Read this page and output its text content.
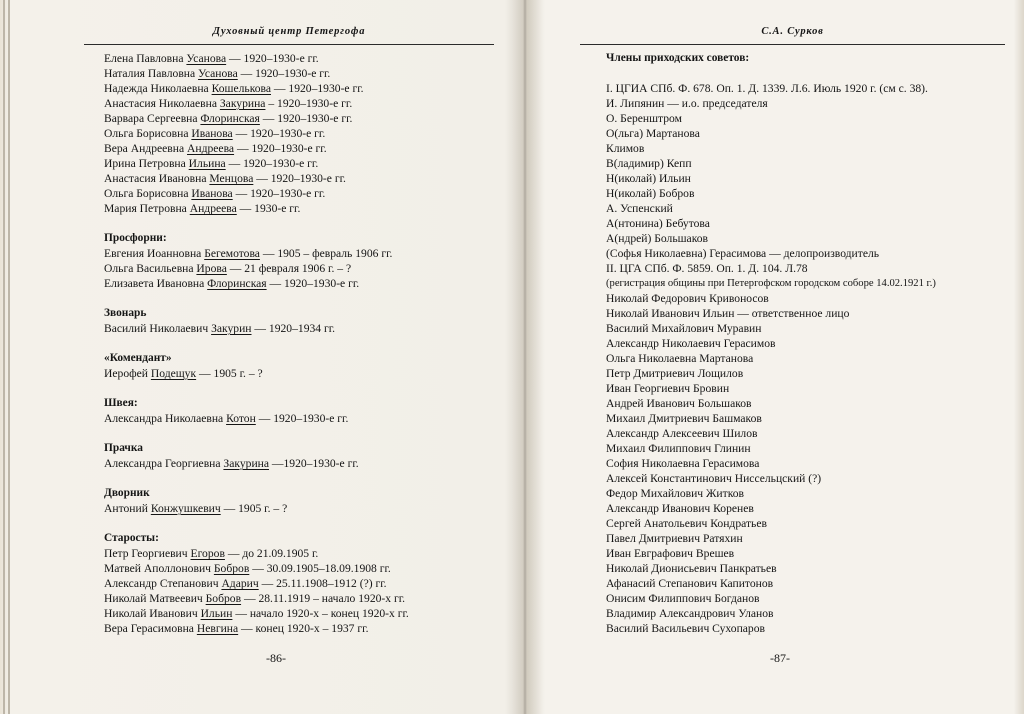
Духовный центр Петергофа
Елена Павловна Усанова — 1920–1930-е гг.
Наталия Павловна Усанова — 1920–1930-е гг.
Надежда Николаевна Кошелькова — 1920–1930-е гг.
Анастасия Николаевна Закурина – 1920–1930-е гг.
Варвара Сергеевна Флоринская — 1920–1930-е гг.
Ольга Борисовна Иванова — 1920–1930-е гг.
Вера Андреевна Андреева — 1920–1930-е гг.
Ирина Петровна Ильина — 1920–1930-е гг.
Анастасия Ивановна Менцова — 1920–1930-е гг.
Ольга Борисовна Иванова — 1920–1930-е гг.
Мария Петровна Андреева — 1930-е гг.
Просфорни:
Евгения Иоанновна Бегемотова — 1905 – февраль 1906 гг.
Ольга Васильевна Ирова — 21 февраля 1906 г. – ?
Елизавета Ивановна Флоринская — 1920–1930-е гг.
Звонарь
Василий Николаевич Закурин — 1920–1934 гг.
«Комендант»
Иерофей Подещук — 1905 г. – ?
Швея:
Александра Николаевна Котон — 1920–1930-е гг.
Прачка
Александра Георгиевна Закурина —1920–1930-е гг.
Дворник
Антоний Конжушкевич — 1905 г. – ?
Старосты:
Петр Георгиевич Егоров — до 21.09.1905 г.
Матвей Аполлонович Бобров — 30.09.1905–18.09.1908 гг.
Александр Степанович Адарич — 25.11.1908–1912 (?) гг.
Николай Матвеевич Бобров — 28.11.1919 – начало 1920-х гг.
Николай Иванович Ильин — начало 1920-х – конец 1920-х гг.
Вера Герасимовна Невгина — конец 1920-х – 1937 гг.
-86-
С.А. Сурков
Члены приходских советов:
I. ЦГИА СПб. Ф. 678. Оп. 1. Д. 1339. Л.6. Июль 1920 г. (см с. 38).
И. Липянин — и.о. председателя
О. Беренштром
О(льга) Мартанова
Климов
В(ладимир) Кепп
Н(иколай) Ильин
Н(иколай) Бобров
А. Успенский
А(нтонина) Бебутова
А(ндрей) Большаков
(Софья Николаевна) Герасимова — делопроизводитель
II. ЦГА СПб. Ф. 5859. Оп. 1. Д. 104. Л.78
(регистрация общины при Петергофском городском соборе 14.02.1921 г.)
Николай Федорович Кривоносов
Николай Иванович Ильин — ответственное лицо
Василий Михайлович Муравин
Александр Николаевич Герасимов
Ольга Николаевна Мартанова
Петр Дмитриевич Лощилов
Иван Георгиевич Бровин
Андрей Иванович Большаков
Михаил Дмитриевич Башмаков
Александр Алексеевич Шилов
Михаил Филиппович Глинин
София Николаевна Герасимова
Алексей Константинович Ниссельцский (?)
Федор Михайлович Житков
Александр Иванович Коренев
Сергей Анатольевич Кондратьев
Павел Дмитриевич Ратяхин
Иван Евграфович Врешев
Николай Дионисьевич Панкратьев
Афанасий Степанович Капитонов
Онисим Филиппович Богданов
Владимир Александрович Уланов
Василий Васильевич Сухопаров
-87-
